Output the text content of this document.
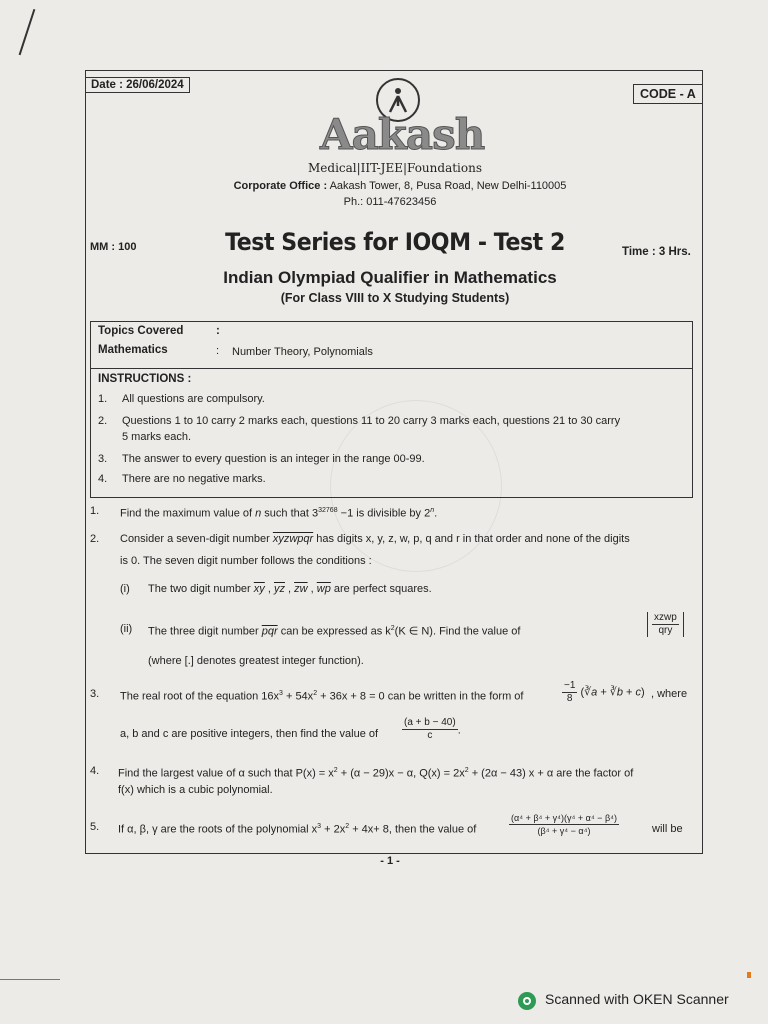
Date : 26/06/2024
CODE - A
Aakash
Medical|IIT-JEE|Foundations
Corporate Office : Aakash Tower, 8, Pusa Road, New Delhi-110005
Ph.: 011-47623456
MM : 100	Test Series for IOQM - Test 2	Time : 3 Hrs.
Indian Olympiad Qualifier in Mathematics
(For Class VIII to X Studying Students)
Topics Covered	:
Mathematics	: Number Theory, Polynomials
INSTRUCTIONS :
1. All questions are compulsory.
2. Questions 1 to 10 carry 2 marks each, questions 11 to 20 carry 3 marks each, questions 21 to 30 carry
5 marks each.
3. The answer to every question is an integer in the range 00-99.
4. There are no negative marks.
1. Find the maximum value of n such that $3^{32768} -1$ is divisible by 2$^n$.
2. Consider a seven-digit number xyzwpqr has digits x, y, z, w, p, q and r in that order and none of the digits
is 0. The seven digit number follows the conditions :
(i) The two digit number $\overline{xy}$ , $\overline{yz}$ , $\overline{zw}$ , $\overline{wp}$ are perfect squares.
(ii) The three digit number $\overline{pqr}$ can be expressed as $k^2(K$ ∈ N). Find the value of	$\frac{\text{xzwp}}{\text{qry}}$
(where [.] denotes greatest integer function).
3. The real root of the equation $16x^3 + 54x^2 + 36x + 8 = 0$ can be written in the form of	$\frac{-1}{8}$ (∛a + ∛b + c) , where
a, b and c are positive integers, then find the value of $\frac{(a + b - 40)}{c}$ .
4. Find the largest value of α such that $P(x) = x^2 + (\alpha - 29)x - \alpha$, $Q(x) = 2x^2 + (2\alpha - 43) x + \alpha$ are the factor of
f(x) which is a cubic polynomial.
5. If α, β, γ are the roots of the polynomial $x^3 + 2x^2 + 4x+ 8$, then the value of	$\frac{\text{(α⁴ + β⁴ + γ⁴)(γ⁴ + α⁴ − β⁴)}}{\text{(β⁴ + γ⁴ − α⁴)}}$	will be
- 1 -
Scanned with OKEN Scanner
